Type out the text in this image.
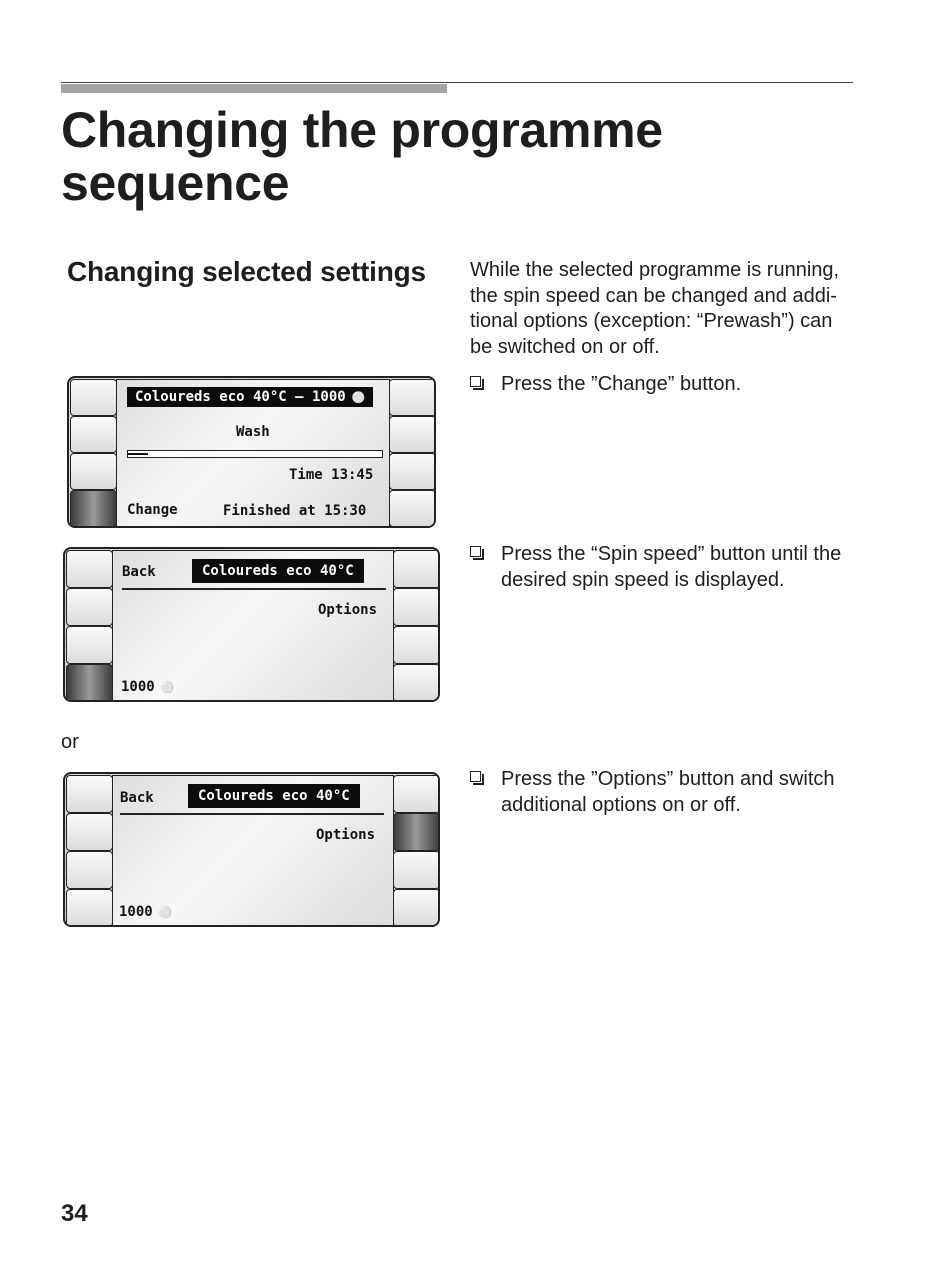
Changing the programme
sequence
Changing selected settings While the selected programme is running,
the spin speed can be changed and addi-
tional options (exception: “Prewash”) can
be switched on or off.
Press the ”Change” button.
Coloureds eco 40°C – 1000 ⚪
Wash
Time 13:45
Change	Finished at 15:30
Press the “Spin speed” button until the
desired spin speed is displayed.
Back	Coloureds eco 40°C
Options
1000 ⚪
or
Press the ”Options” button and switch
additional options on or off.
Back	Coloureds eco 40°C
Options
1000 ⚪
34
